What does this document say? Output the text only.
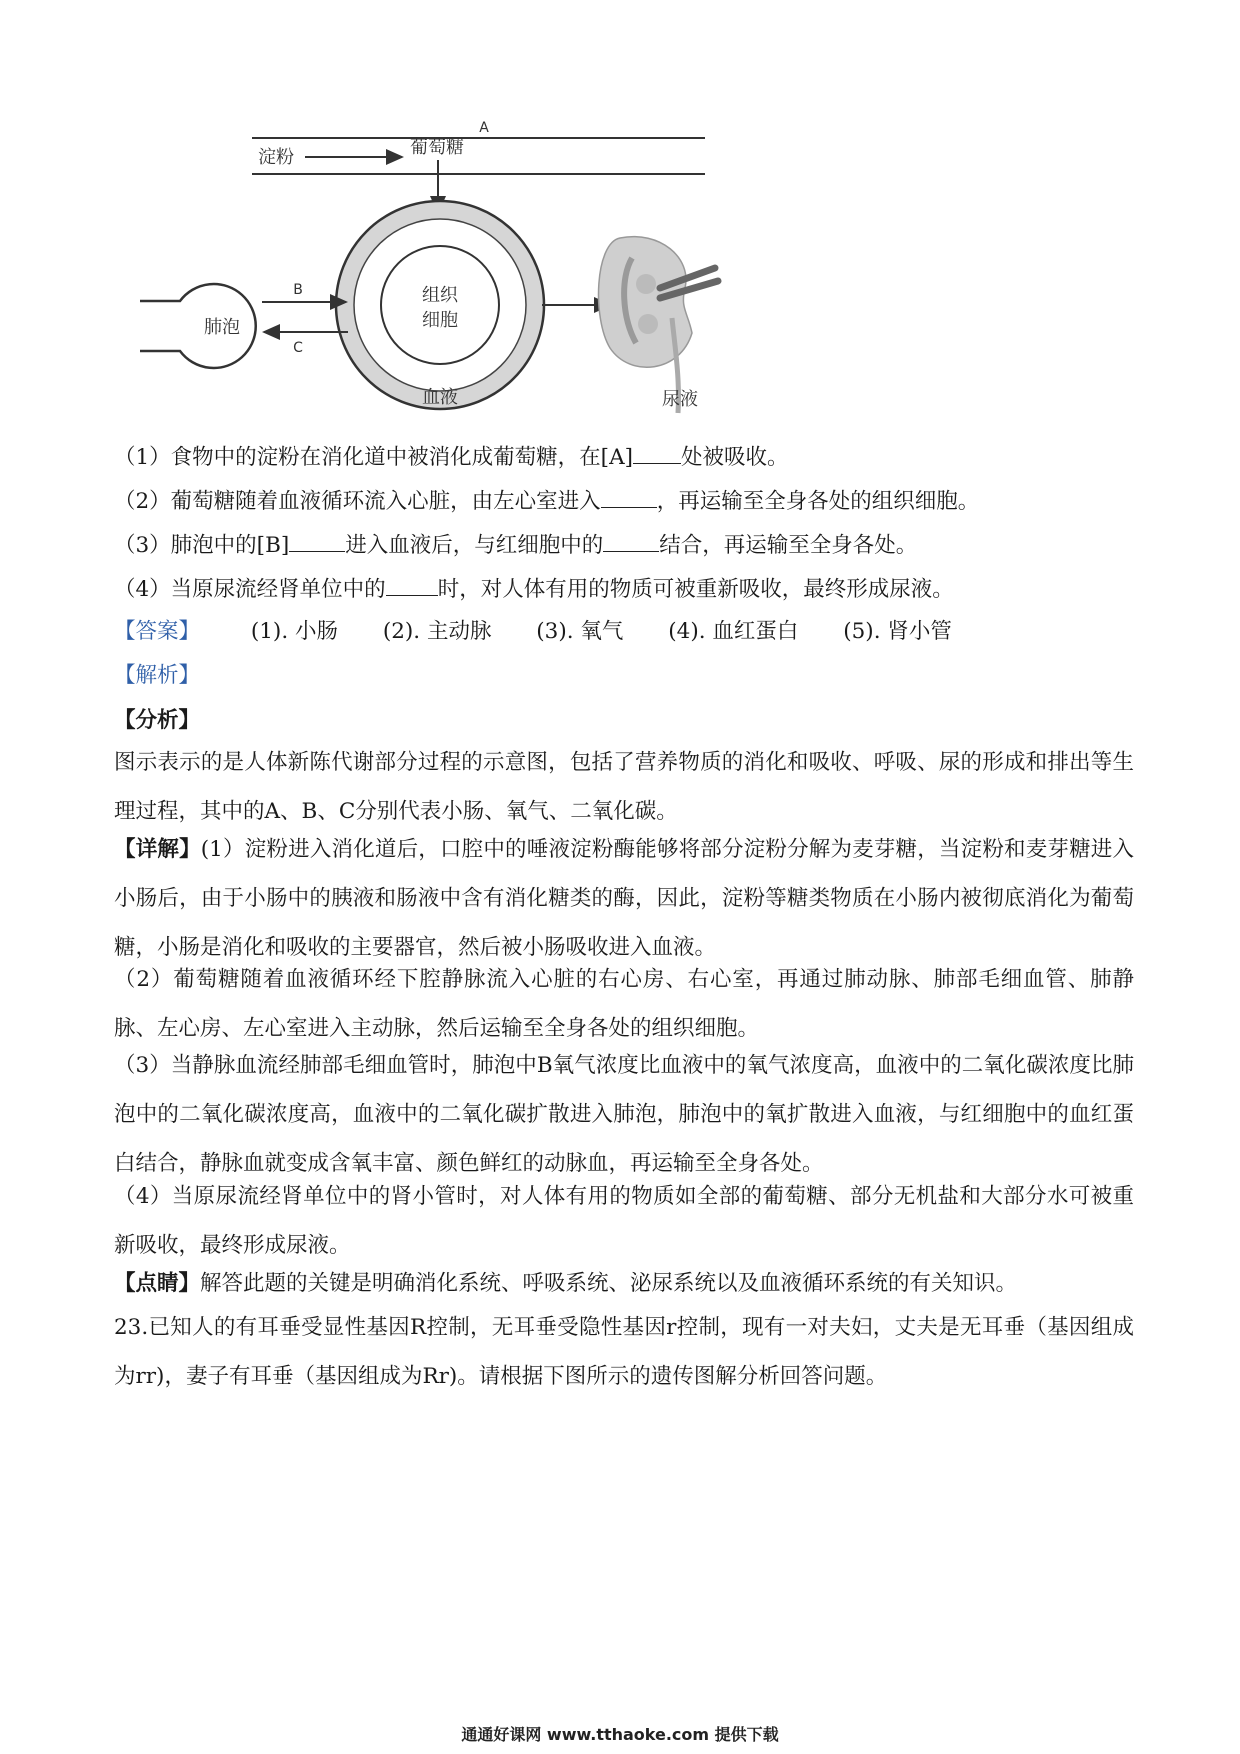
A
淀粉	葡萄糖
组织
细胞
血液
肺泡
B
C
尿液
（1）食物中的淀粉在消化道中被消化成葡萄糖，在[A] 处被吸收。
（2）葡萄糖随着血液循环流入心脏，由左心室进入	，再运输至全身各处的组织细胞。
（3）肺泡中的[B]	进入血液后，与红细胞中的	结合，再运输至全身各处。
（4）当原尿流经肾单位中的 时，对人体有用的物质可被重新吸收，最终形成尿液。
【答案】 (1). 小肠 (2). 主动脉 (3). 氧气 (4). 血红蛋白 (5). 肾小管
【解析】
【分析】
图示表示的是人体新陈代谢部分过程的示意图，包括了营养物质的消化和吸收、呼吸、尿的形成和排出等生理过程，其中的A、B、C分别代表小肠、氧气、二氧化碳。
【详解】(1）淀粉进入消化道后，口腔中的唾液淀粉酶能够将部分淀粉分解为麦芽糖，当淀粉和麦芽糖进入小肠后，由于小肠中的胰液和肠液中含有消化糖类的酶，因此，淀粉等糖类物质在小肠内被彻底消化为葡萄糖，小肠是消化和吸收的主要器官，然后被小肠吸收进入血液。
（2）葡萄糖随着血液循环经下腔静脉流入心脏的右心房、右心室，再通过肺动脉、肺部毛细血管、肺静脉、左心房、左心室进入主动脉，然后运输至全身各处的组织细胞。
（3）当静脉血流经肺部毛细血管时，肺泡中B氧气浓度比血液中的氧气浓度高，血液中的二氧化碳浓度比肺泡中的二氧化碳浓度高，血液中的二氧化碳扩散进入肺泡，肺泡中的氧扩散进入血液，与红细胞中的血红蛋白结合，静脉血就变成含氧丰富、颜色鲜红的动脉血，再运输至全身各处。
（4）当原尿流经肾单位中的肾小管时，对人体有用的物质如全部的葡萄糖、部分无机盐和大部分水可被重新吸收，最终形成尿液。
【点睛】解答此题的关键是明确消化系统、呼吸系统、泌尿系统以及血液循环系统的有关知识。
23.已知人的有耳垂受显性基因R控制，无耳垂受隐性基因r控制，现有一对夫妇，丈夫是无耳垂（基因组成为rr)，妻子有耳垂（基因组成为Rr)。请根据下图所示的遗传图解分析回答问题。
通通好课网 www.tthaoke.com 提供下载
